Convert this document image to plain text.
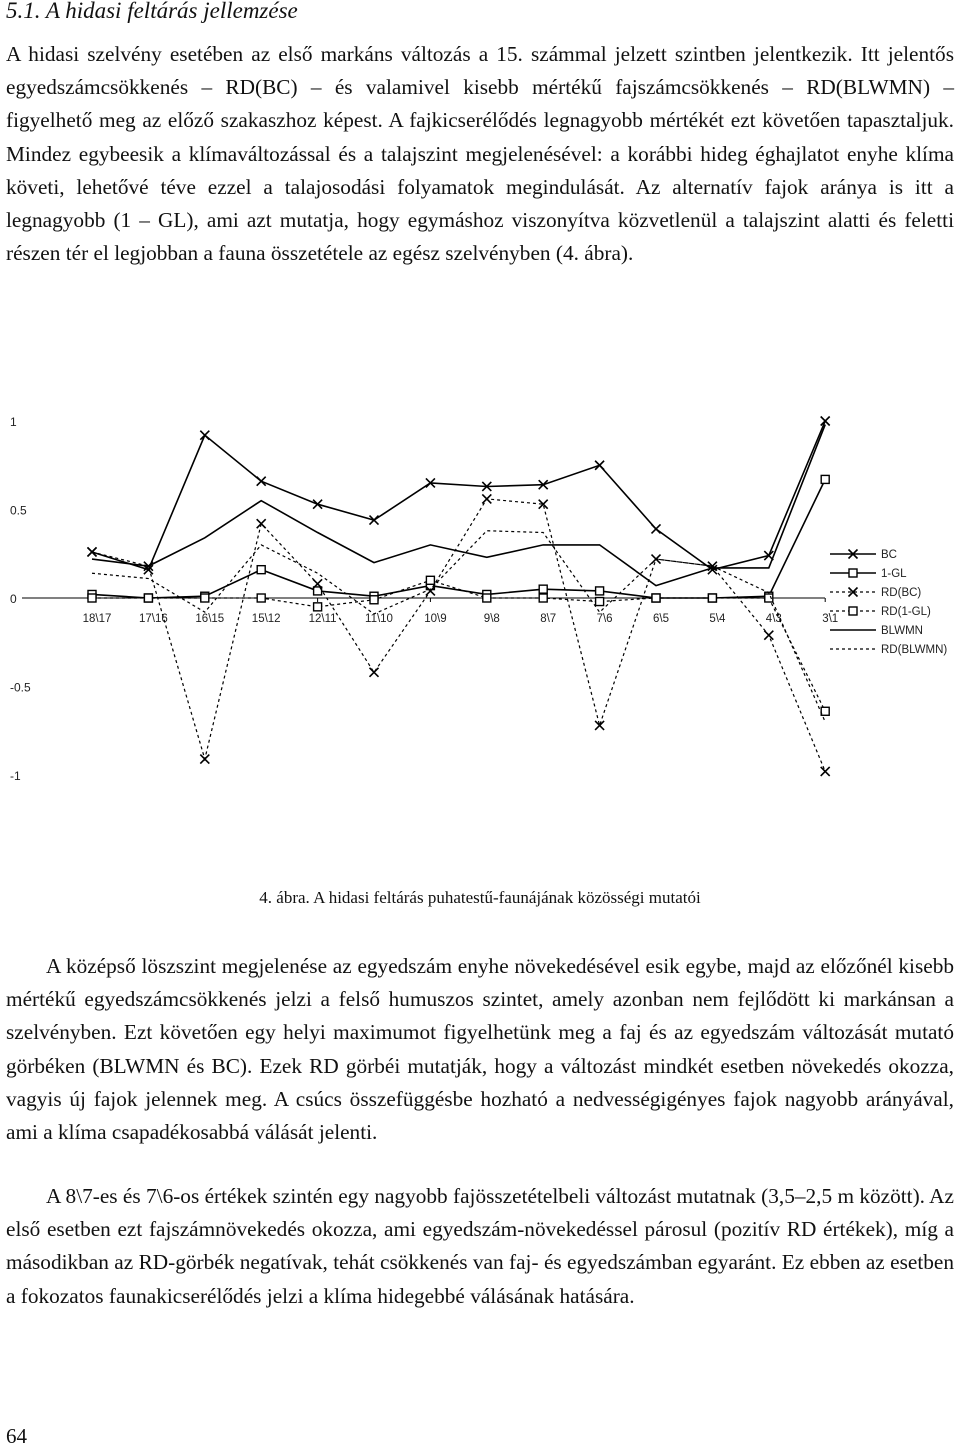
5.1. A hidasi feltárás jellemzése

A hidasi szelvény esetében az első markáns változás a 15. számmal jelzett szintben jelentkezik. Itt jelentős egyedszámcsökkenés – RD(BC) – és valamivel kisebb mértékű fajszámcsökkenés – RD(BLWMN) – figyelhető meg az előző szakaszhoz képest. A fajkicserélődés legnagyobb mértékét ezt követően tapasztaljuk. Mindez egybeesik a klímaváltozással és a talajszint megjelenésével: a korábbi hideg éghajlatot enyhe klíma követi, lehetővé téve ezzel a talajosodási folyamatok megindulását. Az alternatív fajok aránya is itt a legnagyobb (1 – GL), ami azt mutatja, hogy egymáshoz viszonyítva közvetlenül a talajszint alatti és feletti részen tér el legjobban a fauna összetétele az egész szelvényben (4. ábra).

1
0.5
0
-0.5
-1
18\17 17\16 16\15 15\12 12\11 11\10	10\9	9\8	8\7	7\6	6\5	5\4	4\3	3\1
BC
1-GL
RD(BC)
RD(1-GL)
BLWMN
RD(BLWMN)

4. ábra. A hidasi feltárás puhatestű-faunájának közösségi mutatói

A középső löszszint megjelenése az egyedszám enyhe növekedésével esik egybe, majd az előzőnél kisebb mértékű egyedszámcsökkenés jelzi a felső humuszos szintet, amely azonban nem fejlődött ki markánsan a szelvényben. Ezt követően egy helyi maximumot figyelhetünk meg a faj és az egyedszám változását mutató görbéken (BLWMN és BC). Ezek RD görbéi mutatják, hogy a változást mindkét esetben növekedés okozza, vagyis új fajok jelennek meg. A csúcs összefüggésbe hozható a nedvességigényes fajok nagyobb arányával, ami a klíma csapadékosabbá válását jelenti.

A 8\7-es és 7\6-os értékek szintén egy nagyobb fajösszetételbeli változást mutatnak (3,5–2,5 m között). Az első esetben ezt fajszámnövekedés okozza, ami egyedszám-növekedéssel párosul (pozitív RD értékek), míg a másodikban az RD-görbék negatívak, tehát csökkenés van faj- és egyedszámban egyaránt. Ez ebben az esetben a fokozatos faunakicserélődés jelzi a klíma hidegebbé válásának hatására.

64
